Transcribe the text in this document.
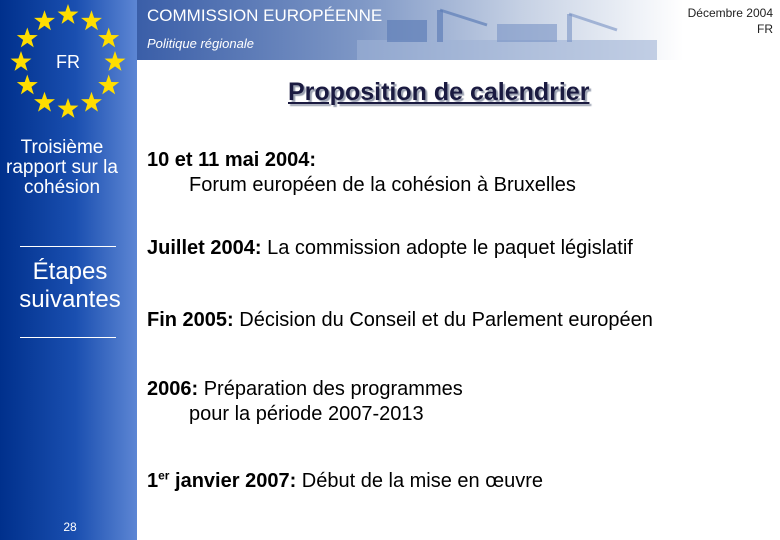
FR
Troisième rapport sur la cohésion
Étapes suivantes
28
COMMISSION EUROPÉENNE
Politique régionale
Décembre 2004
FR
Proposition de calendrier
10 et 11 mai 2004:
Forum européen de la cohésion à Bruxelles
Juillet 2004: La commission adopte le paquet législatif
Fin 2005: Décision du Conseil et du Parlement européen
2006: Préparation des programmes
pour la période 2007-2013
1er janvier 2007: Début de la mise en œuvre
